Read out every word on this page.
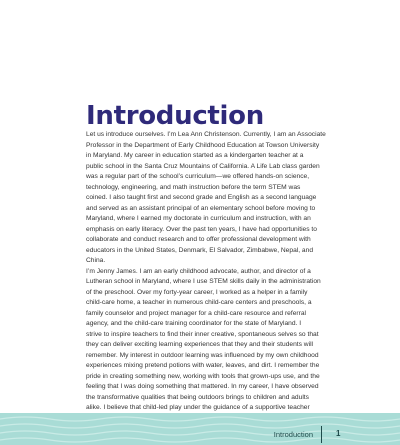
Introduction

Let us introduce ourselves. I’m Lea Ann Christenson. Currently, I am an Associate
Professor in the Department of Early Childhood Education at Towson University
in Maryland. My career in education started as a kindergarten teacher at a
public school in the Santa Cruz Mountains of California. A Life Lab class garden
was a regular part of the school’s curriculum—we offered hands-on science,
technology, engineering, and math instruction before the term STEM was
coined. I also taught first and second grade and English as a second language
and served as an assistant principal of an elementary school before moving to
Maryland, where I earned my doctorate in curriculum and instruction, with an
emphasis on early literacy. Over the past ten years, I have had opportunities to
collaborate and conduct research and to offer professional development with
educators in the United States, Denmark, El Salvador, Zimbabwe, Nepal, and
China.

I’m Jenny James. I am an early childhood advocate, author, and director of a
Lutheran school in Maryland, where I use STEM skills daily in the administration
of the preschool. Over my forty-year career, I worked as a helper in a family
child-care home, a teacher in numerous child-care centers and preschools, a
family counselor and project manager for a child-care resource and referral
agency, and the child-care training coordinator for the state of Maryland. I
strive to inspire teachers to find their inner creative, spontaneous selves so that
they can deliver exciting learning experiences that they and their students will
remember. My interest in outdoor learning was influenced by my own childhood
experiences mixing pretend potions with water, leaves, and dirt. I remember the
pride in creating something new, working with tools that grown-ups use, and the
feeling that I was doing something that mattered. In my career, I have observed
the transformative qualities that being outdoors brings to children and adults
alike. I believe that child-led play under the guidance of a supportive teacher

Introduction	1
